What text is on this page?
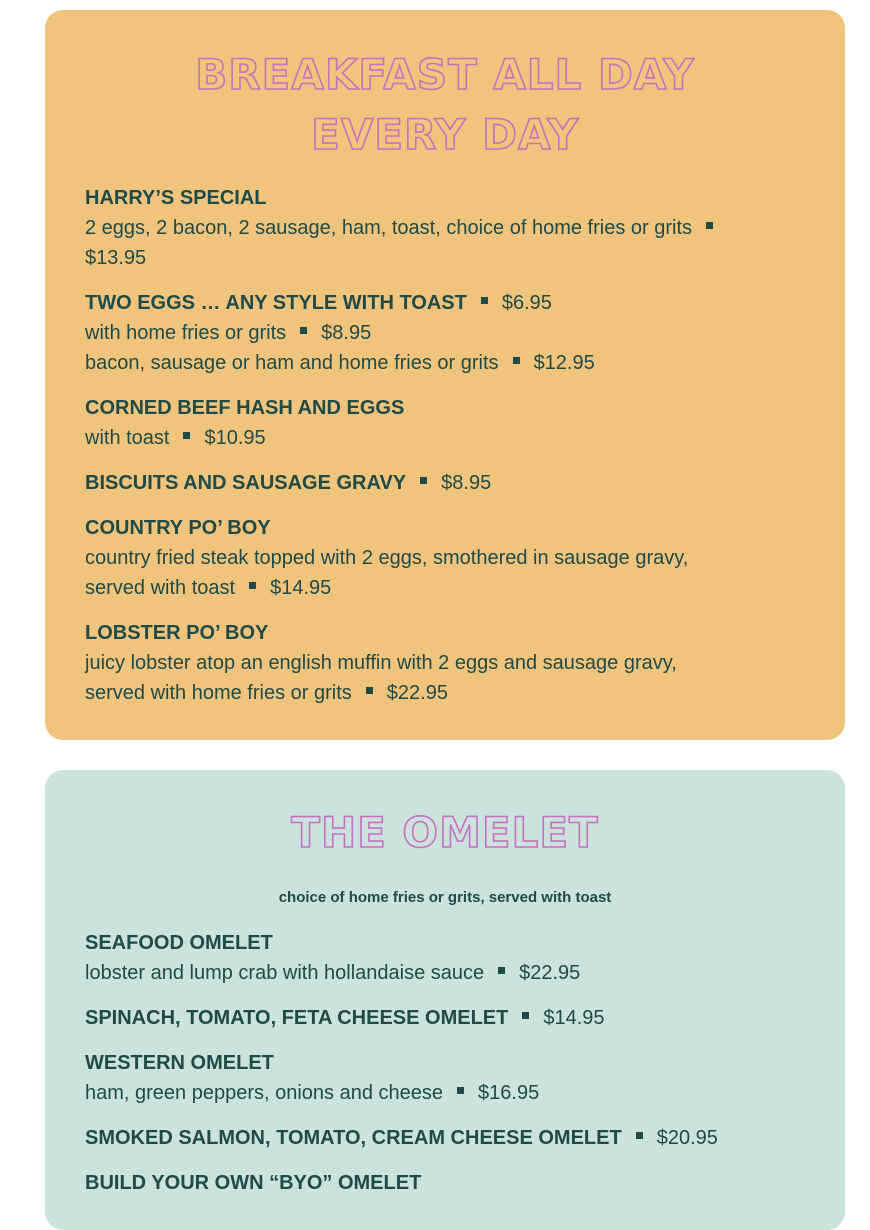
BREAKFAST ALL DAY
EVERY DAY
HARRY’S SPECIAL
2 eggs, 2 bacon, 2 sausage, ham, toast, choice of home fries or grits
$13.95
TWO EGGS … ANY STYLE WITH TOAST $6.95
with home fries or grits $8.95
bacon, sausage or ham and home fries or grits $12.95
CORNED BEEF HASH AND EGGS
with toast $10.95
BISCUITS AND SAUSAGE GRAVY $8.95
COUNTRY PO’ BOY
country fried steak topped with 2 eggs, smothered in sausage gravy,
served with toast $14.95
LOBSTER PO’ BOY
juicy lobster atop an english muffin with 2 eggs and sausage gravy,
served with home fries or grits $22.95
THE OMELET

choice of home fries or grits, served with toast

SEAFOOD OMELET
lobster and lump crab with hollandaise sauce $22.95
SPINACH, TOMATO, FETA CHEESE OMELET $14.95
WESTERN OMELET
ham, green peppers, onions and cheese $16.95
SMOKED SALMON, TOMATO, CREAM CHEESE OMELET $20.95
BUILD YOUR OWN “BYO” OMELET
